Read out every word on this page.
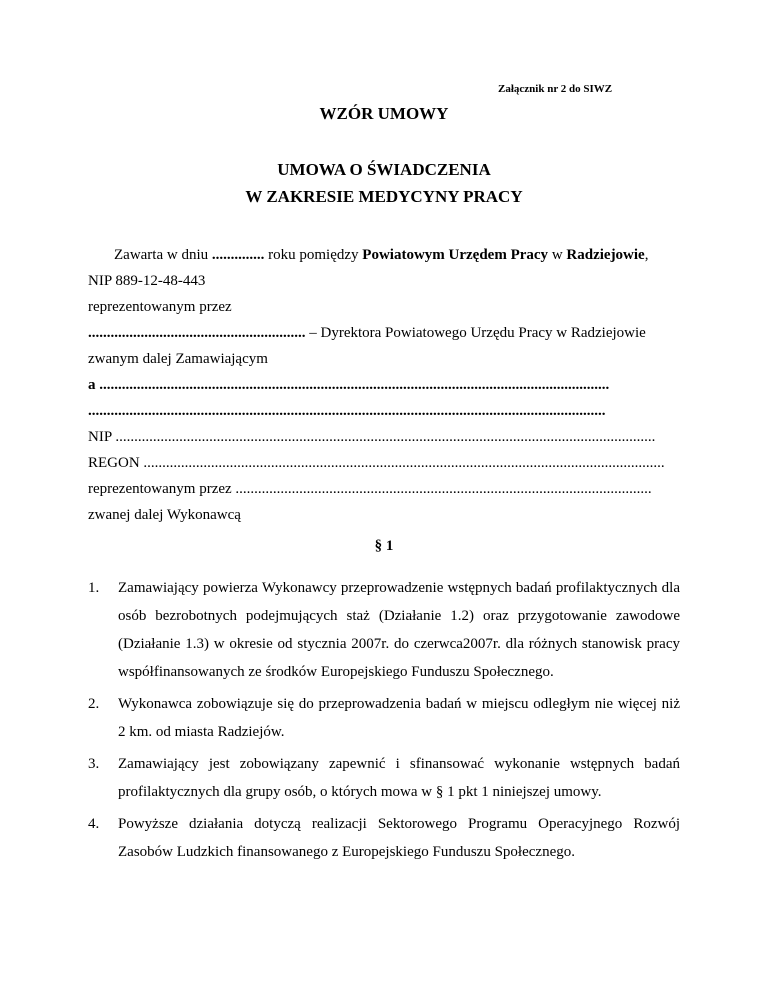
Załącznik nr 2 do SIWZ
WZÓR UMOWY
UMOWA O ŚWIADCZENIA
W ZAKRESIE MEDYCYNY PRACY
Zawarta w dniu .............. roku pomiędzy Powiatowym Urzędem Pracy w Radziejowie,
NIP 889-12-48-443
reprezentowanym przez
.......................................................... – Dyrektora Powiatowego Urzędu Pracy w Radziejowie
zwanym dalej Zamawiającym
a ........................................................................................................................................
..........................................................................................................................................
NIP ................................................................................................................................................
REGON ...........................................................................................................................................
reprezentowanym przez ...............................................................................................................
zwanej dalej Wykonawcą
§ 1
1.	Zamawiający powierza Wykonawcy przeprowadzenie wstępnych badań profilaktycznych dla osób bezrobotnych podejmujących staż (Działanie 1.2) oraz przygotowanie zawodowe (Działanie 1.3) w okresie od stycznia 2007r. do czerwca2007r. dla różnych stanowisk pracy współfinansowanych ze środków Europejskiego Funduszu Społecznego.
2.	Wykonawca zobowiązuje się do przeprowadzenia badań w miejscu odległym nie więcej niż 2 km. od miasta Radziejów.
3.	Zamawiający jest zobowiązany zapewnić i sfinansować wykonanie wstępnych badań profilaktycznych dla grupy osób, o których mowa w § 1 pkt 1 niniejszej umowy.
4.	Powyższe działania dotyczą realizacji Sektorowego Programu Operacyjnego Rozwój Zasobów Ludzkich finansowanego z Europejskiego Funduszu Społecznego.
